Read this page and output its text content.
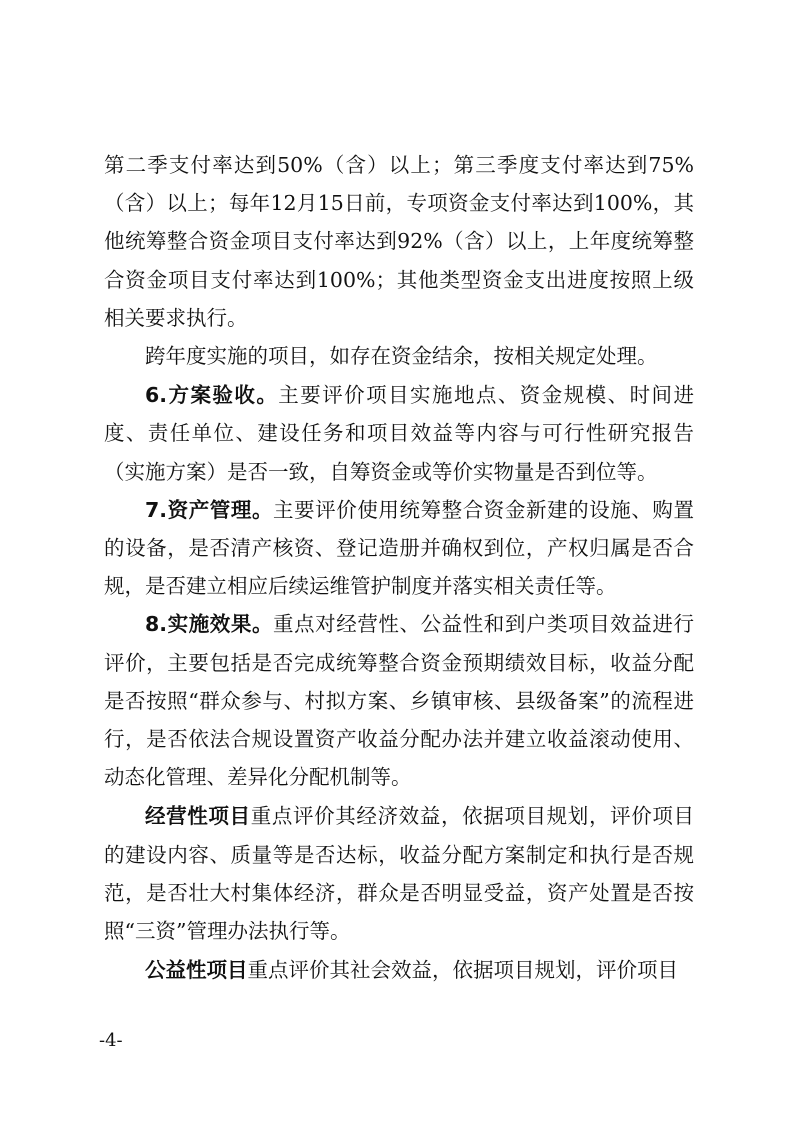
第二季支付率达到50%（含）以上；第三季度支付率达到75%（含）以上；每年12月15日前，专项资金支付率达到100%，其他统筹整合资金项目支付率达到92%（含）以上，上年度统筹整合资金项目支付率达到100%；其他类型资金支出进度按照上级相关要求执行。

跨年度实施的项目，如存在资金结余，按相关规定处理。

6.方案验收。主要评价项目实施地点、资金规模、时间进度、责任单位、建设任务和项目效益等内容与可行性研究报告（实施方案）是否一致，自筹资金或等价实物量是否到位等。

7.资产管理。主要评价使用统筹整合资金新建的设施、购置的设备，是否清产核资、登记造册并确权到位，产权归属是否合规，是否建立相应后续运维管护制度并落实相关责任等。

8.实施效果。重点对经营性、公益性和到户类项目效益进行评价，主要包括是否完成统筹整合资金预期绩效目标，收益分配是否按照“群众参与、村拟方案、乡镇审核、县级备案”的流程进行，是否依法合规设置资产收益分配办法并建立收益滚动使用、动态化管理、差异化分配机制等。

经营性项目重点评价其经济效益，依据项目规划，评价项目的建设内容、质量等是否达标，收益分配方案制定和执行是否规范，是否壮大村集体经济，群众是否明显受益，资产处置是否按照“三资”管理办法执行等。

公益性项目重点评价其社会效益，依据项目规划，评价项目

-4-
